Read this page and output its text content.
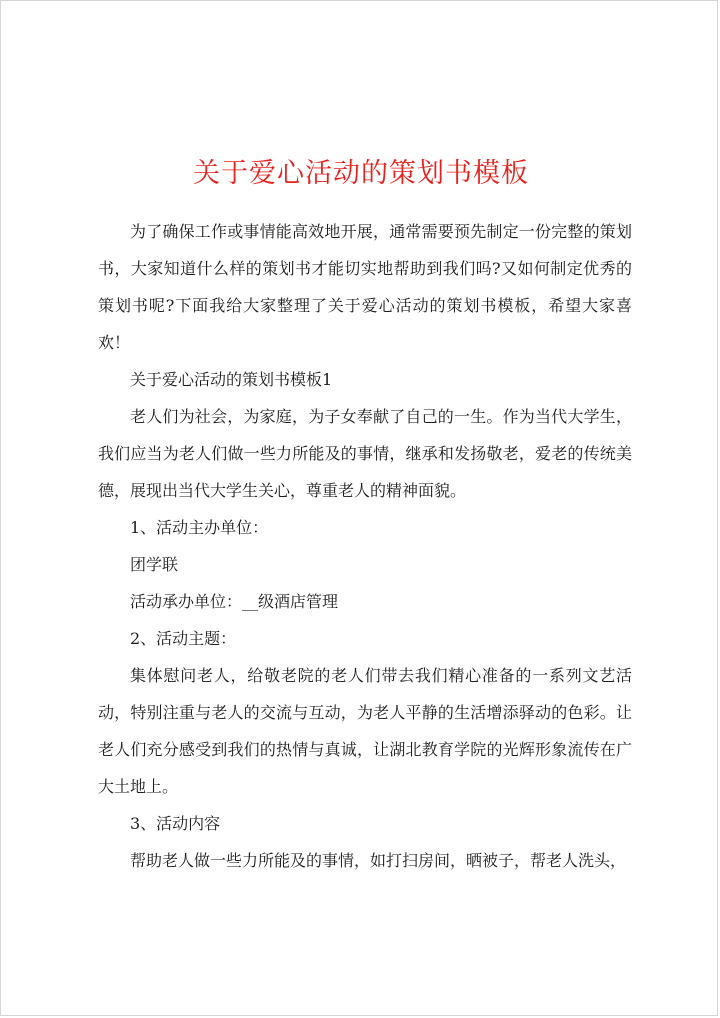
关于爱心活动的策划书模板

为了确保工作或事情能高效地开展，通常需要预先制定一份完整的策划书，大家知道什么样的策划书才能切实地帮助到我们吗?又如何制定优秀的策划书呢?下面我给大家整理了关于爱心活动的策划书模板，希望大家喜欢！

关于爱心活动的策划书模板1

老人们为社会，为家庭，为子女奉献了自己的一生。作为当代大学生，我们应当为老人们做一些力所能及的事情，继承和发扬敬老，爱老的传统美德，展现出当代大学生关心，尊重老人的精神面貌。

1、活动主办单位：

团学联

活动承办单位：__级酒店管理

2、活动主题：

集体慰问老人，给敬老院的老人们带去我们精心准备的一系列文艺活动，特别注重与老人的交流与互动，为老人平静的生活增添驿动的色彩。让老人们充分感受到我们的热情与真诚，让湖北教育学院的光辉形象流传在广大土地上。

3、活动内容

帮助老人做一些力所能及的事情，如打扫房间，晒被子，帮老人洗头，
